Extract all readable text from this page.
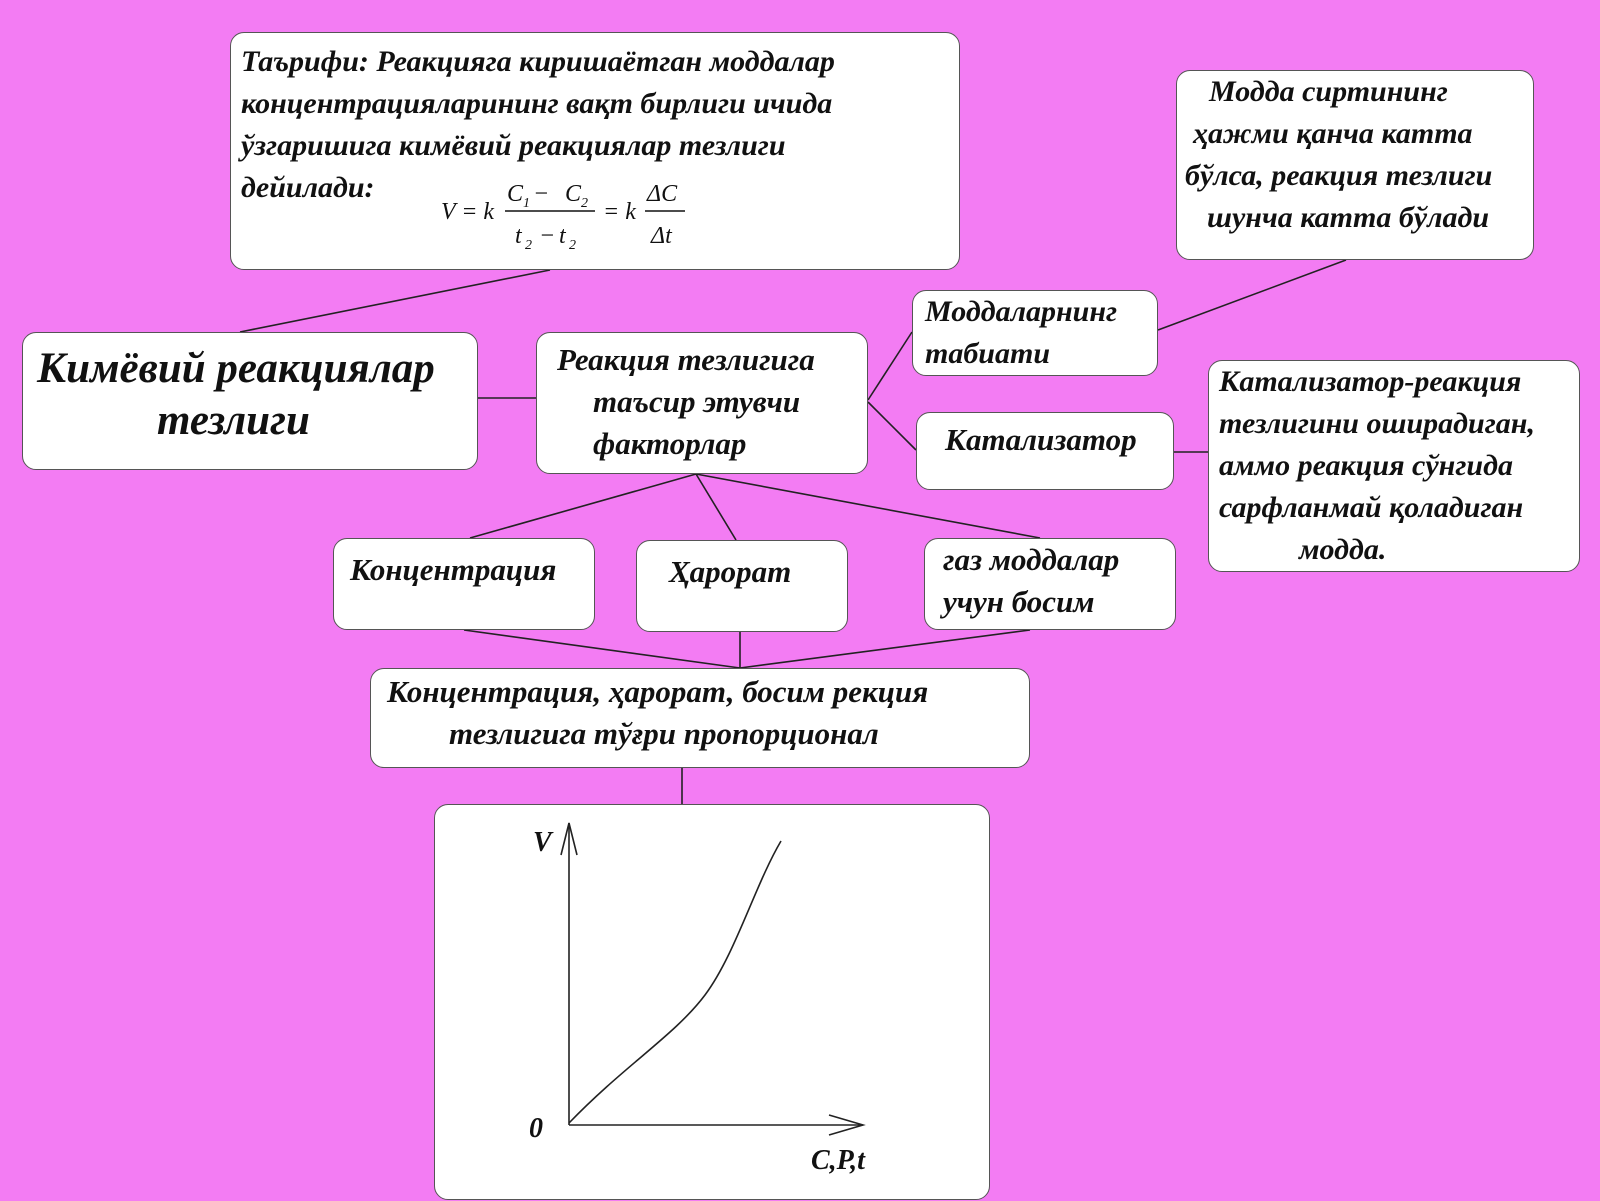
Таърифи: Реакцияга киришаётган моддалар
концентрацияларининг вақт бирлиги ичида
ўзгаришига кимёвий реакциялар тезлиги
дейилади:
V = k
C 1 − C 2
t 2 − t 2
= k
ΔC
Δt
Кимёвий реакциялар
тезлиги
Реакция тезлигига
таъсир этувчи
факторлар
Моддаларнинг
табиати
Модда сиртининг
ҳажми қанча катта
бўлса, реакция тезлиги
шунча катта бўлади
Катализатор
Катализатор-реакция
тезлигини оширадиган,
аммо реакция сўнгида
сарфланмай қоладиган
модда.
Концентрация	Ҳарорат	газ моддалар
учун босим
Концентрация, ҳарорат, босим рекция
тезлигига тўғри пропорционал
V
C,P,t
0
